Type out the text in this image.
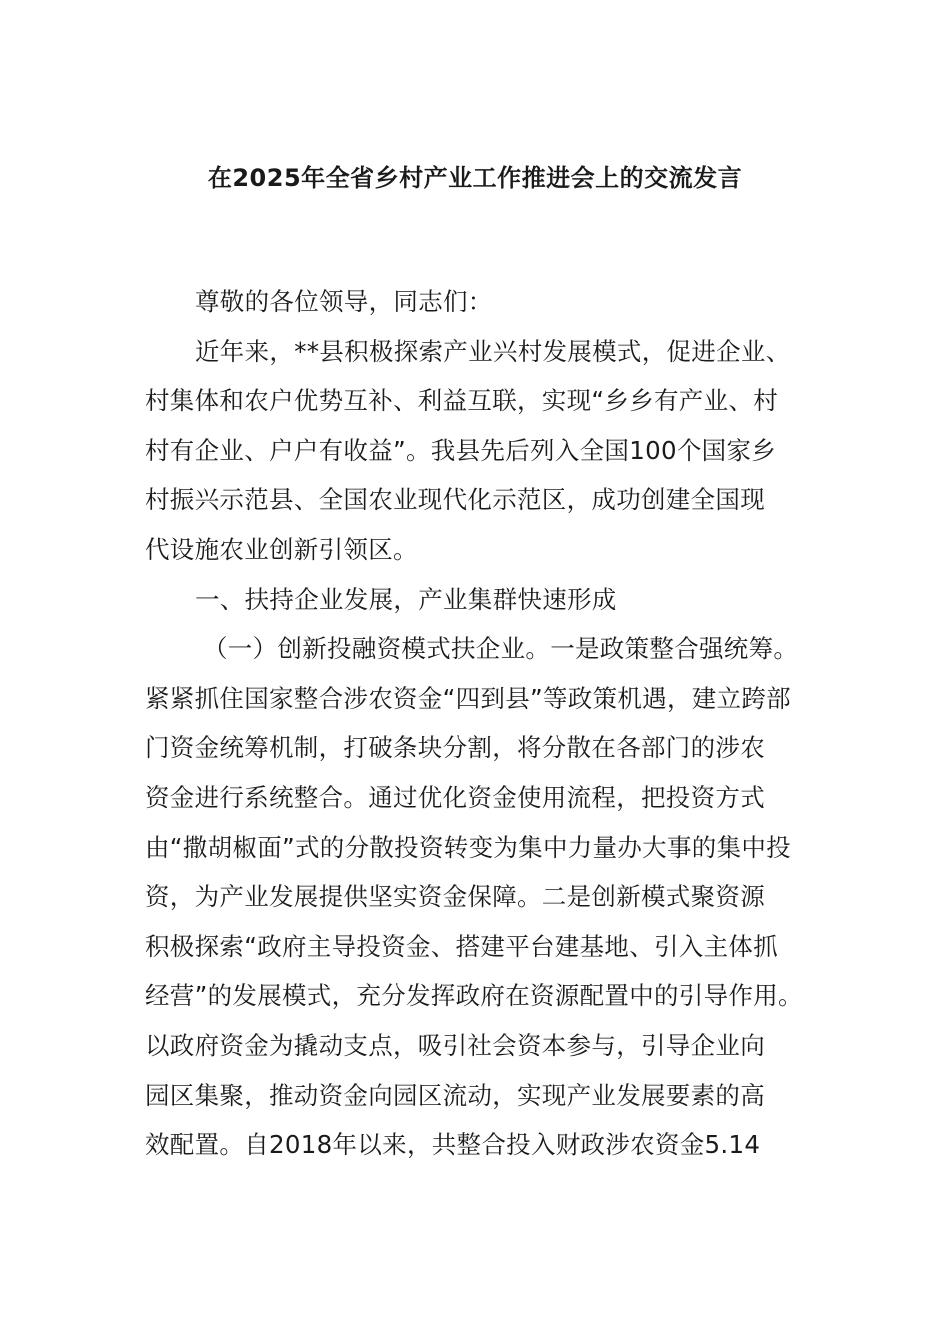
在2025年全省乡村产业工作推进会上的交流发言
尊敬的各位领导，同志们：
近年来，**县积极探索产业兴村发展模式，促进企业、
村集体和农户优势互补、利益互联，实现“乡乡有产业、村
村有企业、户户有收益”。我县先后列入全国100个国家乡
村振兴示范县、全国农业现代化示范区，成功创建全国现
代设施农业创新引领区。
一、扶持企业发展，产业集群快速形成
（一）创新投融资模式扶企业。一是政策整合强统筹。
紧紧抓住国家整合涉农资金“四到县”等政策机遇，建立跨部
门资金统筹机制，打破条块分割，将分散在各部门的涉农
资金进行系统整合。通过优化资金使用流程，把投资方式
由“撒胡椒面”式的分散投资转变为集中力量办大事的集中投
资，为产业发展提供坚实资金保障。二是创新模式聚资源
积极探索“政府主导投资金、搭建平台建基地、引入主体抓
经营”的发展模式，充分发挥政府在资源配置中的引导作用。
以政府资金为撬动支点，吸引社会资本参与，引导企业向
园区集聚，推动资金向园区流动，实现产业发展要素的高
效配置。自2018年以来，共整合投入财政涉农资金5.14
